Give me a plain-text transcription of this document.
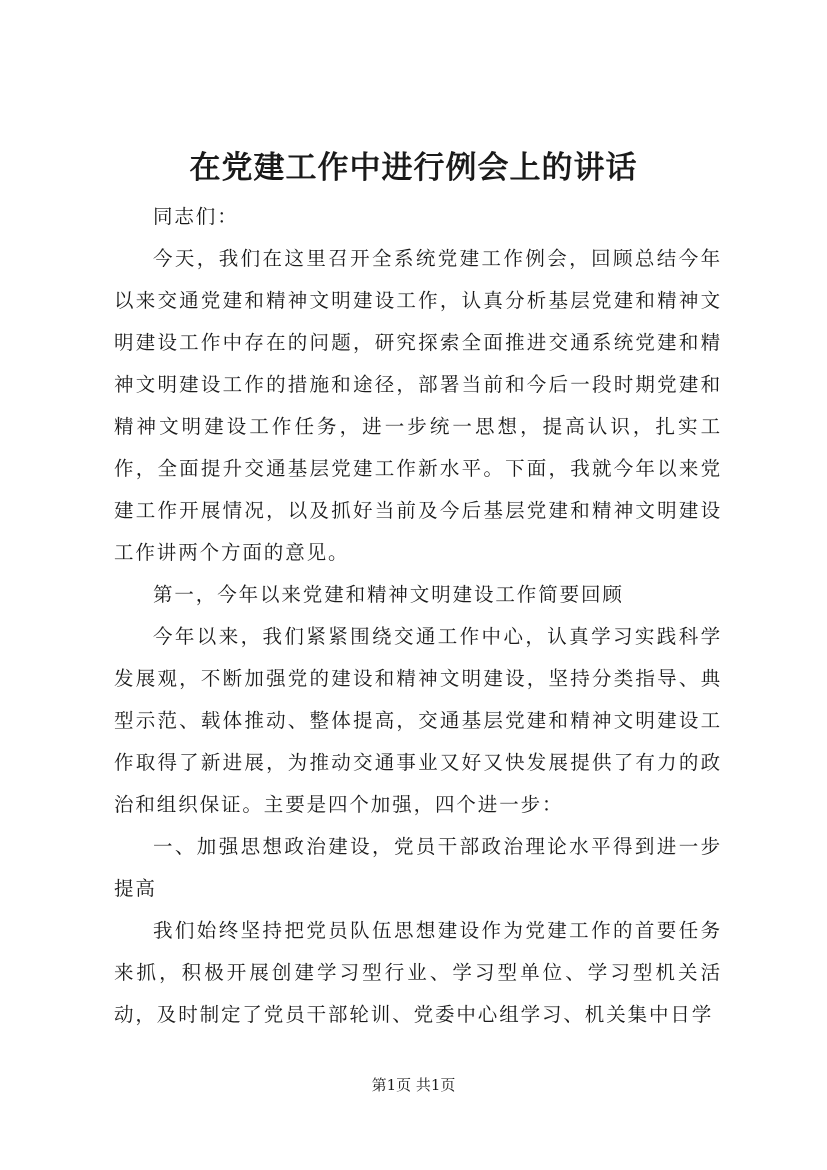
在党建工作中进行例会上的讲话

同志们：

今天，我们在这里召开全系统党建工作例会，回顾总结今年以来交通党建和精神文明建设工作，认真分析基层党建和精神文明建设工作中存在的问题，研究探索全面推进交通系统党建和精神文明建设工作的措施和途径，部署当前和今后一段时期党建和精神文明建设工作任务，进一步统一思想，提高认识，扎实工作，全面提升交通基层党建工作新水平。下面，我就今年以来党建工作开展情况，以及抓好当前及今后基层党建和精神文明建设工作讲两个方面的意见。

第一，今年以来党建和精神文明建设工作简要回顾

今年以来，我们紧紧围绕交通工作中心，认真学习实践科学发展观，不断加强党的建设和精神文明建设，坚持分类指导、典型示范、载体推动、整体提高，交通基层党建和精神文明建设工作取得了新进展，为推动交通事业又好又快发展提供了有力的政治和组织保证。主要是四个加强，四个进一步：

一、加强思想政治建设，党员干部政治理论水平得到进一步提高

我们始终坚持把党员队伍思想建设作为党建工作的首要任务来抓，积极开展创建学习型行业、学习型单位、学习型机关活动，及时制定了党员干部轮训、党委中心组学习、机关集中日学

第1页 共1页
